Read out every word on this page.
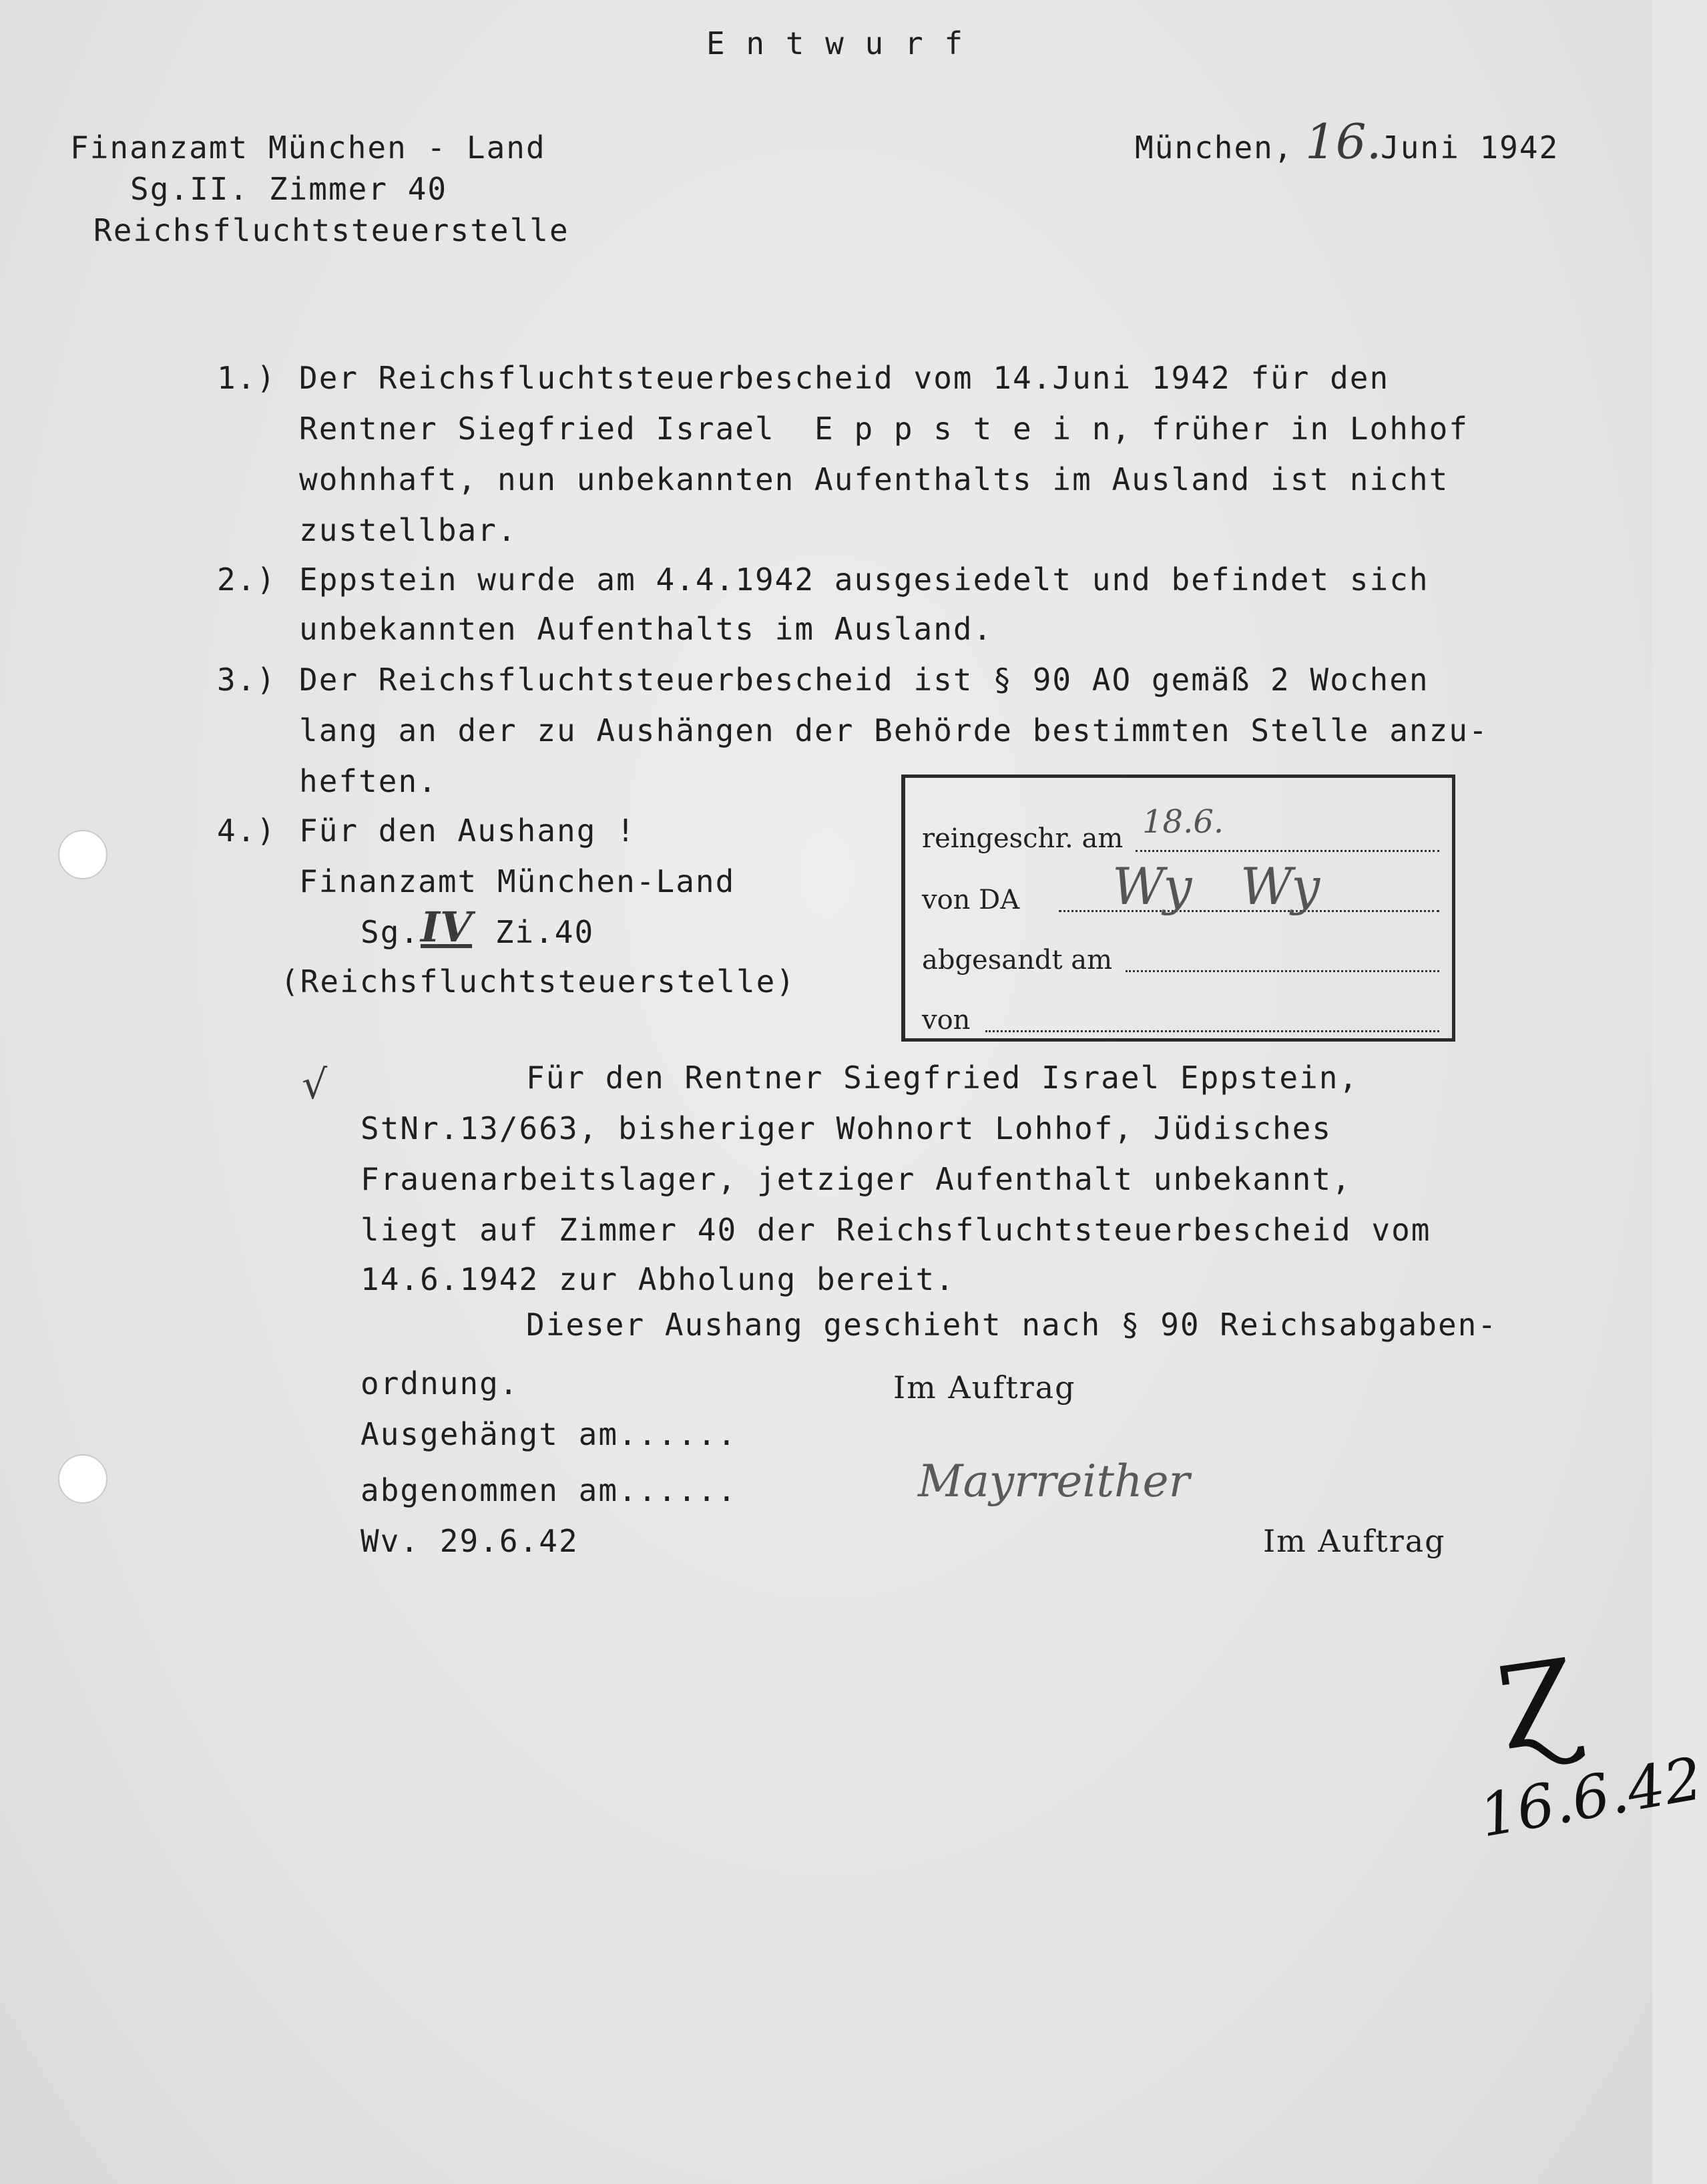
E n t w u r f
Finanzamt München - Land
Sg.II. Zimmer 40
Reichsfluchtsteuerstelle
München, 16.
Juni 1942
1.) Der Reichsfluchtsteuerbescheid vom 14.Juni 1942 für den
Rentner Siegfried Israel  E p p s t e i n, früher in Lohhof
wohnhaft, nun unbekannten Aufenthalts im Ausland ist nicht
zustellbar.
2.) Eppstein wurde am 4.4.1942 ausgesiedelt und befindet sich
unbekannten Aufenthalts im Ausland.
3.) Der Reichsfluchtsteuerbescheid ist § 90 AO gemäß 2 Wochen
lang an der zu Aushängen der Behörde bestimmten Stelle anzu-
heften.
4.) Für den Aushang !
Finanzamt München-Land
Sg. IV Zi.40
(Reichsfluchtsteuerstelle)
reingeschr. am 18.6.
von DA Wy   Wy
abgesandt am
von
√	Für den Rentner Siegfried Israel Eppstein,
StNr.13/663, bisheriger Wohnort Lohhof, Jüdisches
Frauenarbeitslager, jetziger Aufenthalt unbekannt,
liegt auf Zimmer 40 der Reichsfluchtsteuerbescheid vom
14.6.1942 zur Abholung bereit.
Dieser Aushang geschieht nach § 90 Reichsabgaben-
ordnung.	Im Auftrag
Mayrreither
Ausgehängt am......
abgenommen am......
Wv. 29.6.42	Im Auftrag
Ɀ
16.6.42
